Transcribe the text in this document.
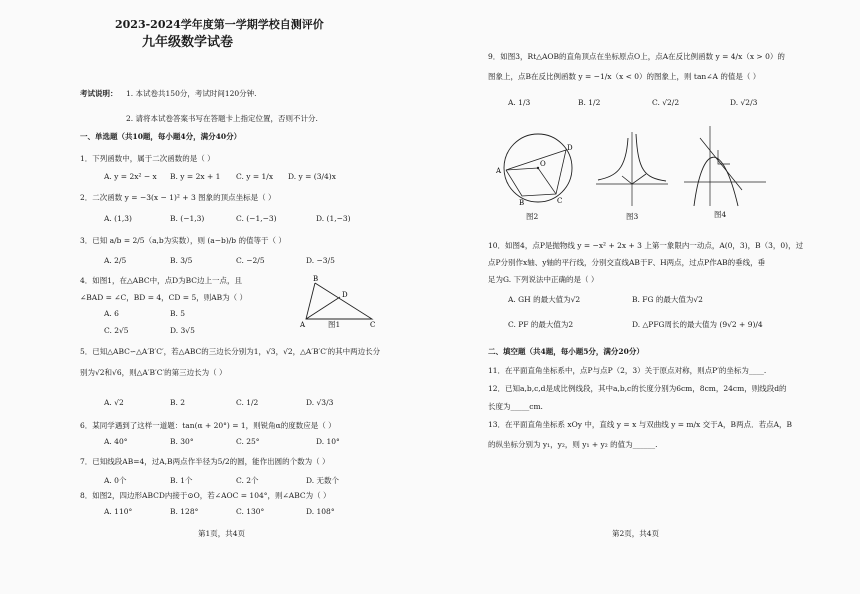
2023-2024学年度第一学期学校自测评价
九年级数学试卷
考试说明： 1. 本试卷共150分，考试时间120分钟.
2. 请将本试卷答案书写在答题卡上指定位置，否则不计分.
一、单选题（共10题，每小题4分，满分40分）
1．下列函数中，属于二次函数的是（ ）
A. y = 2x² − x B. y = 2x + 1 C. y = 1/x D. y = (3/4)x
2．二次函数 y = −3(x − 1)² + 3 图象的顶点坐标是（ ）
A. (1,3)	B. (−1,3)	C. (−1,−3)	D. (1,−3)
3．已知 a/b = 2/5（a,b为实数），则 (a−b)/b 的值等于（ ）
A. 2/5	B. 3/5	C. −2/5	D. −3/5
4．如图1，在△ABC中，点D为BC边上一点，且
∠BAD = ∠C，BD = 4，CD = 5，则AB为（ ）
A. 6	B. 5
C. 2√5	D. 3√5
B
D
A	C
图1
5．已知△ABC∽△A′B′C′，若△ABC的三边长分别为1，√3，√2，△A′B′C′的其中两边长分
别为√2和√6，则△A′B′C′的第三边长为（ ）
A. √2	B. 2	C. 1/2	D. √3/3
6．某同学遇到了这样一道题：tan(α + 20°) = 1，则锐角α的度数应是（ ）
A. 40°	B. 30°	C. 25°	D. 10°
7．已知线段AB=4，过A,B两点作半径为5/2的圆，能作出圆的个数为（ ）
A. 0个	B. 1个	C. 2个	D. 无数个
8．如图2，四边形ABCD内接于⊙O，若∠AOC = 104°，则∠ABC为（ ）
A. 110°	B. 128°	C. 130°	D. 108°
第1页，共4页
9．如图3，Rt△AOB的直角顶点在坐标原点O上，点A在反比例函数 y = 4/x（x > 0）的
图象上，点B在反比例函数 y = −1/x（x < 0）的图象上，则 tan∠A 的值是（ ）
A. 1/3	B. 1/2	C. √2/2	D. √2/3
D
O
A
B	C
图2	图3	图4
10．如图4，点P是抛物线 y = −x² + 2x + 3 上第一象限内一动点，A(0，3)，B（3，0)，过
点P分别作x轴、y轴的平行线，分别交直线AB于F、H两点，过点P作AB的垂线，垂
足为G. 下列说法中正确的是（ ）
A. GH 的最大值为√2	B. FG 的最大值为√2
C. PF 的最大值为2	D. △PFG周长的最大值为 (9√2 + 9)/4
二、填空题（共4题，每小题5分，满分20分）
11．在平面直角坐标系中，点P与点P（2，3）关于原点对称，则点P′的坐标为____.
12．已知a,b,c,d是成比例线段，其中a,b,c的长度分别为6cm，8cm，24cm，则线段d的
长度为_____cm.
13．在平面直角坐标系 xOy 中，直线 y = x 与双曲线 y = m/x 交于A，B两点．若点A，B
的纵坐标分别为 y₁，y₂，则 y₁ + y₂ 的值为______.
第2页，共4页
